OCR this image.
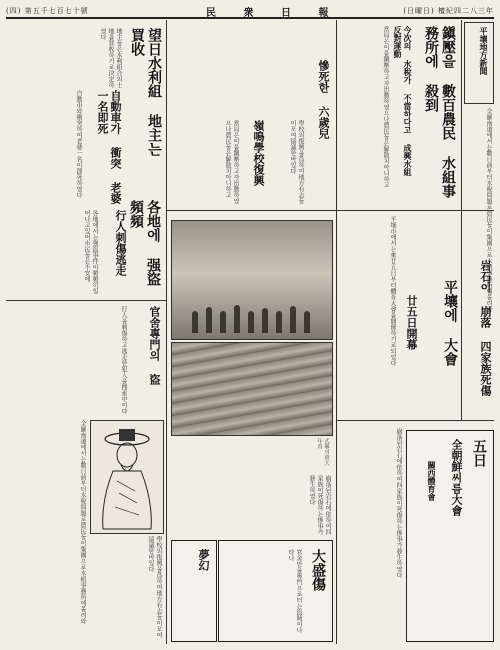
(四) 第五千七百七十號	民 衆 日 報	(日曜日) 檀紀四二八三年
平壤地方新聞
全羅南道에서는數日前부터水稅問題로農民들이集團으로水組事務所에몰려와
鎭壓을 數百農民 水組事務所에 殺到
今次의 水稅가 不當하다고 成興水組反對運動
當局은이를鎭壓하고자出動하였으나農民들은解散치아니하고
平壤에 大會
廿五日開幕
平壤市에서는來廿五日부터體育大會를開催하기로되었다	岩石이 崩落 四家族死傷
五日
全朝鮮씨름大會
關西體育會
崩落된岩石에依하여四家族이死傷하는慘事가發生하였다
慘死한 六歲兒
嶺鳴學校復興	學校의復興을爲하여地方有志들이모여協議한바있다
當局은이를鎭壓하고자出動하였으나農民들은解散치아니하고
式擧의會大年靑
崩落된岩石에依하여四家族이死傷하는慘事가發生하였다
大盛傷
官舍만을專門으로터는盜賊이나타나
夢幻
望日水利組 地主는 買收
地主들은水利組合의土地를買收하기로決定하였다
自動車가 衝突 老婆一名即死
自動車와衝突하여老婆一名이卽死하였다
各地에 强盜頻頻
行人刺傷逃走
各地에서는强盜事件이頻頻히일어나고있어市民들은不安에
官舍專門의 盜
行人을刺傷하고逃走한犯人을搜索中이다
全羅南道에서는數日前부터水稅問題로農民들이集團으로水組事務所에몰려와	學校의復興을爲하여地方有志들이모여協議한바있다
